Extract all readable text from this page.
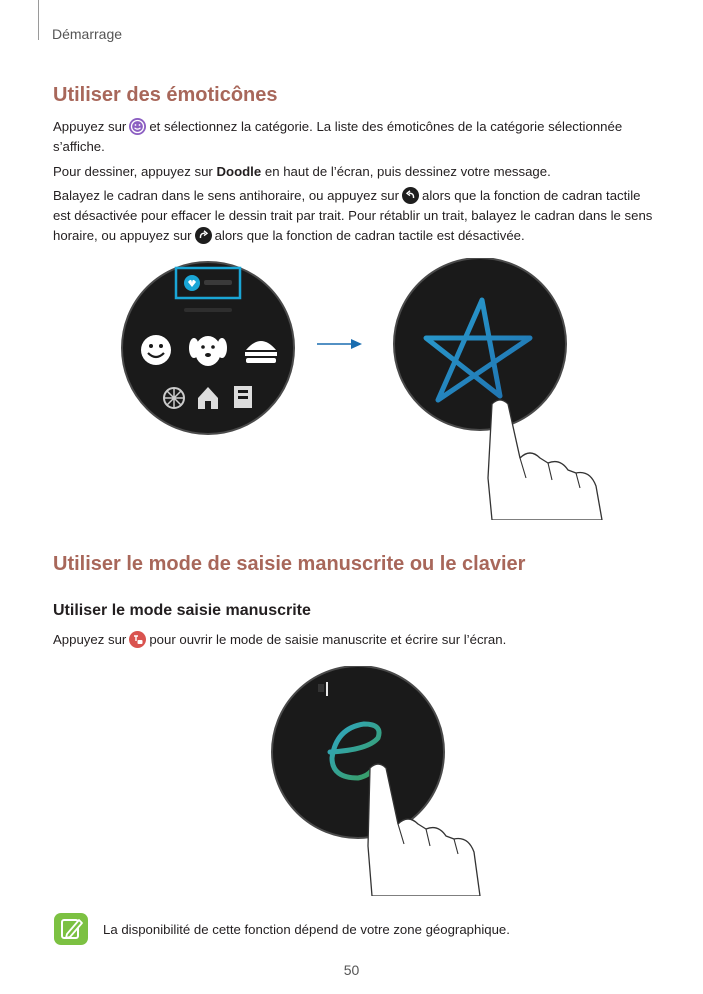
Démarrage
Utiliser des émoticônes
Appuyez sur et sélectionnez la catégorie. La liste des émoticônes de la catégorie sélectionnée
s’affiche.
Pour dessiner, appuyez sur Doodle en haut de l’écran, puis dessinez votre message.
Balayez le cadran dans le sens antihoraire, ou appuyez sur alors que la fonction de cadran tactile
est désactivée pour effacer le dessin trait par trait. Pour rétablir un trait, balayez le cadran dans le sens
horaire, ou appuyez sur alors que la fonction de cadran tactile est désactivée.
Utiliser le mode de saisie manuscrite ou le clavier
Utiliser le mode saisie manuscrite
Appuyez sur pour ouvrir le mode de saisie manuscrite et écrire sur l’écran.
La disponibilité de cette fonction dépend de votre zone géographique.
50
